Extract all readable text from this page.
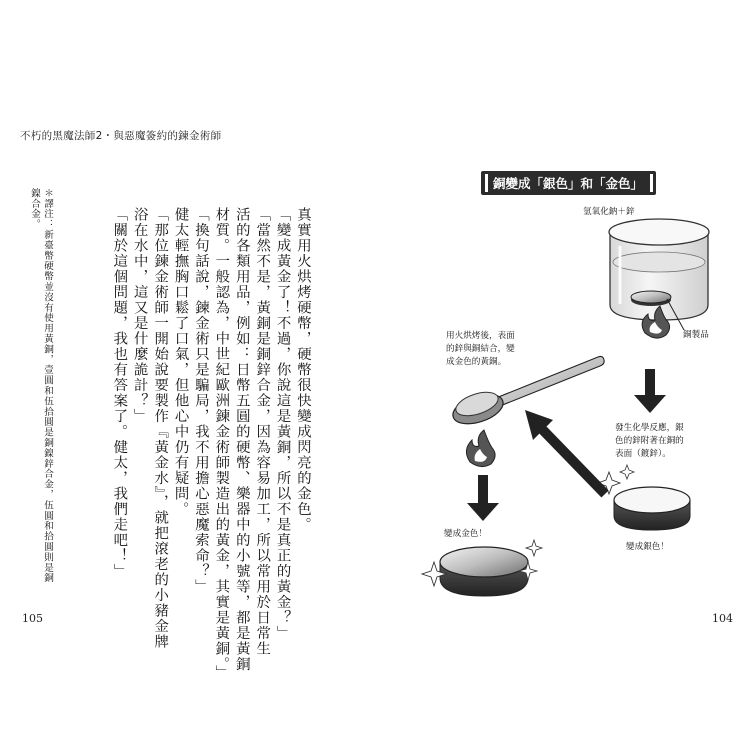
不朽的黑魔法師2・與惡魔簽約的鍊金術師
真實用火烘烤硬幣，硬幣很快變成閃亮的金色。
「變成黃金了！不過，你說這是黃銅，所以不是真正的黃金？」
「當然不是，黃銅是銅鋅合金，因為容易加工，所以常用於日常生
活的各類用品，例如：日幣五圓的硬幣、樂器中的小號等，都是黃銅
材質。一般認為，中世紀歐洲鍊金術師製造出的黃金，其實是黃銅。」
「換句話說，鍊金術只是騙局，我不用擔心惡魔索命？」
健太輕撫胸口鬆了口氣，但他心中仍有疑問。
「那位鍊金術師一開始說要製作『黃金水』，就把滾老的小豬金牌
浴在水中，這又是什麼詭計？」
「關於這個問題，我也有答案了。健太，我們走吧！」
＊譯注：新臺幣硬幣並沒有使用黃銅，壹圓和伍拾圓是銅鎳鋅合金，伍圓和拾圓則是銅鎳合金。
105	104
銅變成「銀色」和「金色」
氫氧化鈉＋鋅
銅製品
發生化學反應，銀
色的鋅附著在銅的
表面（鍍鋅）。
變成銀色！
用火烘烤後，表面
的鋅與銅結合，變
成金色的黃銅。
變成金色！
